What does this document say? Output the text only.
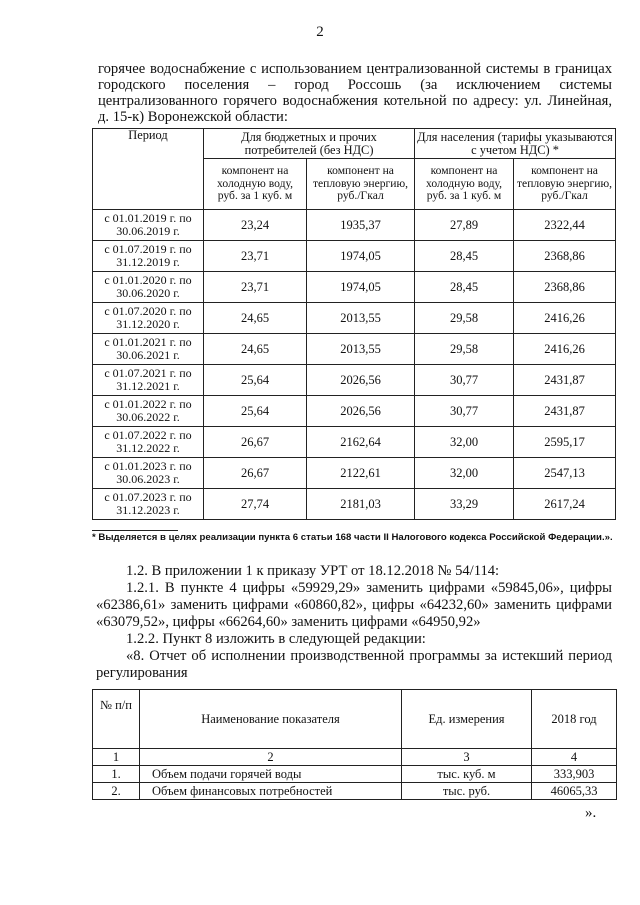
2

горячее водоснабжение с использованием централизованной системы в границах городского поселения – город Россошь (за исключением системы централизованного горячего водоснабжения котельной по адресу: ул. Линейная, д. 15-к) Воронежской области:

Период	Для бюджетных и прочих потребителей (без НДС)		Для населения (тарифы указываются с учетом НДС) *	
	компонент на холодную воду, руб. за 1 куб. м	компонент на тепловую энергию, руб./Гкал	компонент на холодную воду, руб. за 1 куб. м	компонент на тепловую энергию, руб./Гкал
с 01.01.2019 г. по 30.06.2019 г.	23,24	1935,37	27,89	2322,44
с 01.07.2019 г. по 31.12.2019 г.	23,71	1974,05	28,45	2368,86
с 01.01.2020 г. по 30.06.2020 г.	23,71	1974,05	28,45	2368,86
с 01.07.2020 г. по 31.12.2020 г.	24,65	2013,55	29,58	2416,26
с 01.01.2021 г. по 30.06.2021 г.	24,65	2013,55	29,58	2416,26
с 01.07.2021 г. по 31.12.2021 г.	25,64	2026,56	30,77	2431,87
с 01.01.2022 г. по 30.06.2022 г.	25,64	2026,56	30,77	2431,87
с 01.07.2022 г. по 31.12.2022 г.	26,67	2162,64	32,00	2595,17
с 01.01.2023 г. по 30.06.2023 г.	26,67	2122,61	32,00	2547,13
с 01.07.2023 г. по 31.12.2023 г.	27,74	2181,03	33,29	2617,24
* Выделяется в целях реализации пункта 6 статьи 168 части II Налогового кодекса Российской Федерации.».

1.2. В приложении 1 к приказу УРТ от 18.12.2018 № 54/114:

1.2.1. В пункте 4 цифры «59929,29» заменить цифрами «59845,06», цифры «62386,61» заменить цифрами «60860,82», цифры «64232,60» заменить цифрами «63079,52», цифры «66264,60» заменить цифрами «64950,92»

1.2.2. Пункт 8 изложить в следующей редакции:

«8. Отчет об исполнении производственной программы за истекший период регулирования

№ п/п	Наименование показателя	Ед. измерения	2018 год
1	2	3	4
1.	Объем подачи горячей воды	тыс. куб. м	333,903
2.	Объем финансовых потребностей	тыс. руб.	46065,33
».
